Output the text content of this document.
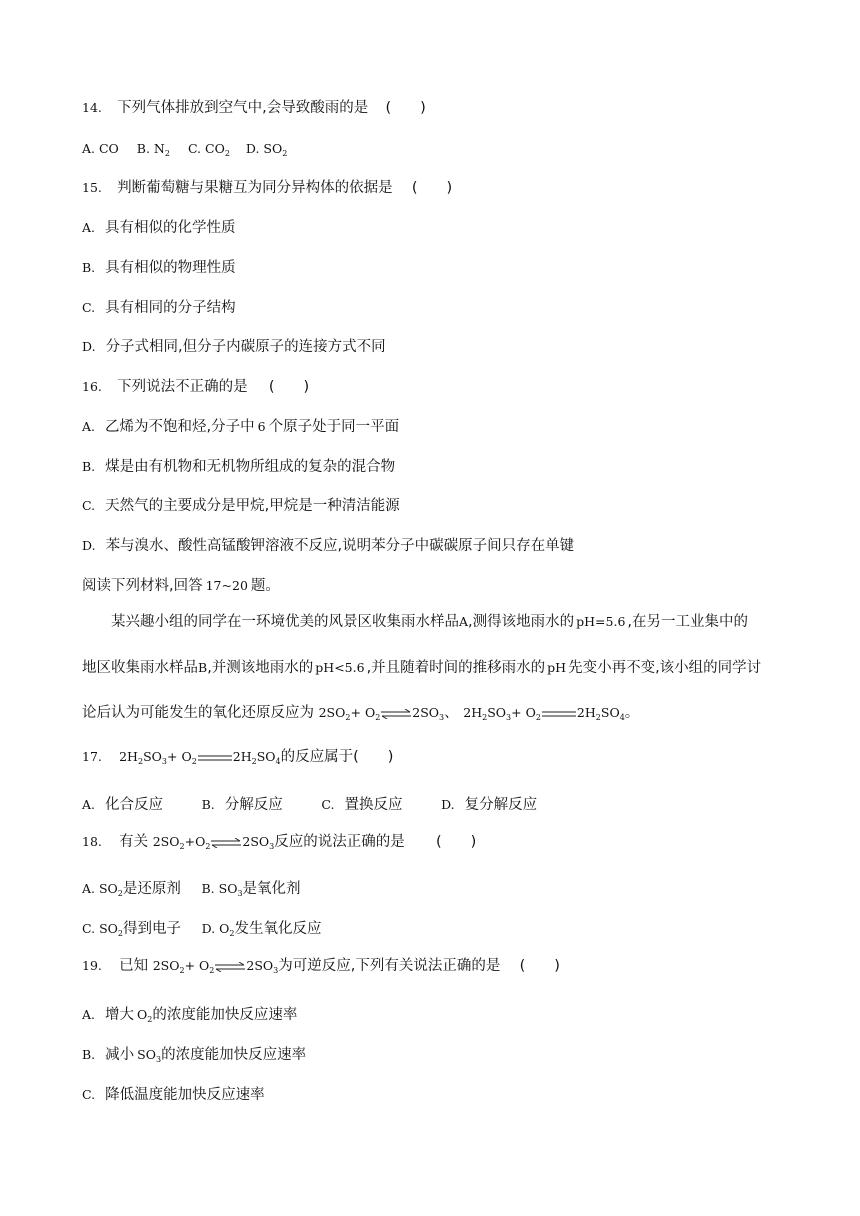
14. 下列气体排放到空气中,会导致酸雨的是 (　　)
A. CO B. $N_2$ C. $CO_2$ D. $SO_2$
15. 判断葡萄糖与果糖互为同分异构体的依据是 (　　)
A. 具有相似的化学性质
B. 具有相似的物理性质
C. 具有相同的分子结构
D. 分子式相同,但分子内碳原子的连接方式不同
16. 下列说法不正确的是 (　　)
A. 乙烯为不饱和烃,分子中 6 个原子处于同一平面
B. 煤是由有机物和无机物所组成的复杂的混合物
C. 天然气的主要成分是甲烷,甲烷是一种清洁能源
D. 苯与溴水、酸性高锰酸钾溶液不反应,说明苯分子中碳碳原子间只存在单键
阅读下列材料,回答 17~20 题。
某兴趣小组的同学在一环境优美的风景区收集雨水样品A,测得该地雨水的 pH=5.6 ,在另一工业集中的
地区收集雨水样品B,并测该地雨水的 pH<5.6 ,并且随着时间的推移雨水的 pH 先变小再不变,该小组的同学讨
论后认为可能发生的氧化还原反应为 $2SO_2+$ $O_2\rightleftharpoons 2SO_3$、 $2H_2SO_3+ O_2$	$2H_2SO_4$。
17. $2H_2SO_3+ O_2$	$2H_2SO_4$的反应属于(　　)
A. 化合反应	B. 分解反应	C. 置换反应	D. 复分解反应
18. 有关 $2SO_2+O_2\rightleftharpoons 2SO_3$反应的说法正确的是 (　　)
A. $SO_2$是还原剂 B. $SO_3$是氧化剂
C. $SO_2$得到电子 D. $O_2$发生氧化反应
19. 已知 $2SO_2+$ $O_2\rightleftharpoons 2SO_3$为可逆反应,下列有关说法正确的是 (　　)
A. 增大 $O_2$的浓度能加快反应速率
B. 减小 $SO_3$的浓度能加快反应速率
C. 降低温度能加快反应速率
